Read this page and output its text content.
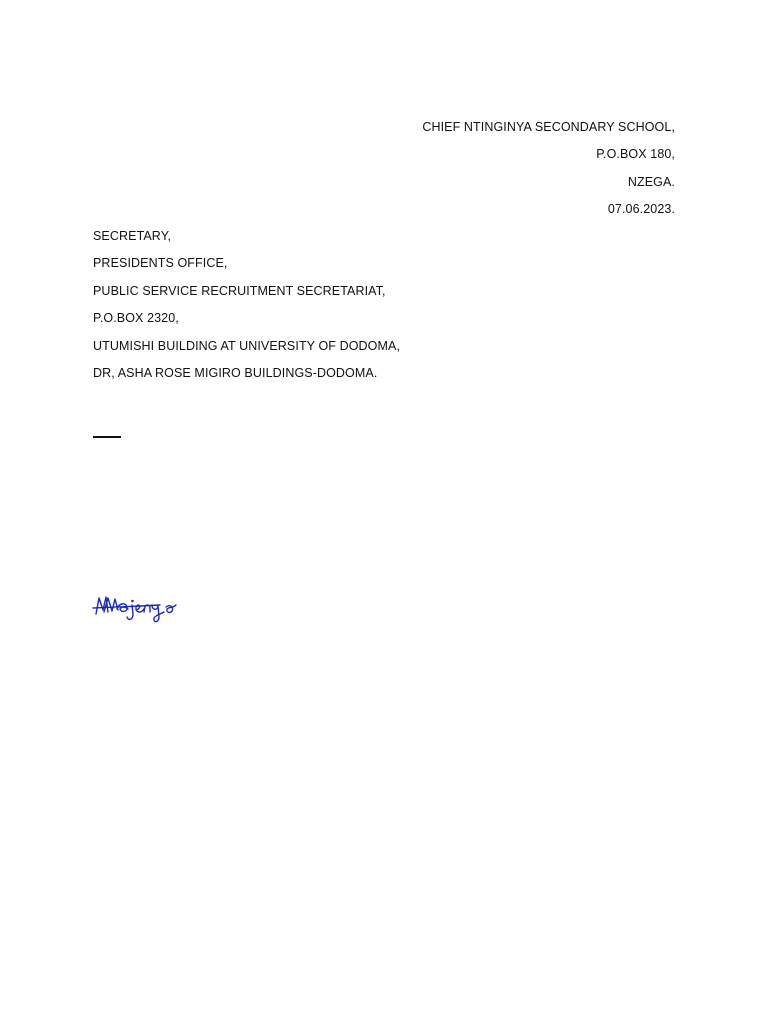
CHIEF NTINGINYA SECONDARY SCHOOL,
P.O.BOX 180,
NZEGA.
07.06.2023.
SECRETARY,
PRESIDENTS OFFICE,
PUBLIC SERVICE RECRUITMENT SECRETARIAT,
P.O.BOX 2320,
UTUMISHI BUILDING AT UNIVERSITY OF DODOMA,
DR, ASHA ROSE MIGIRO BUILDINGS-DODOMA.
